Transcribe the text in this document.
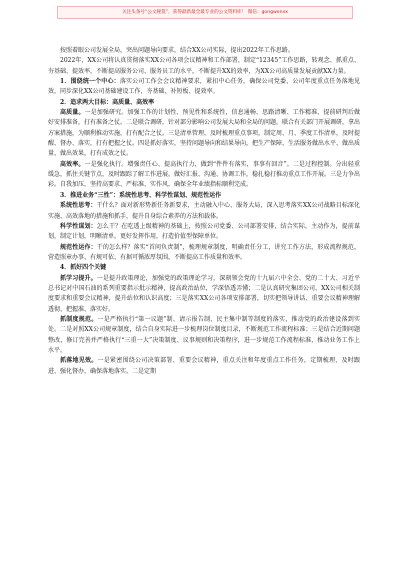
关注头条号“公文秘笈”，获得最新最全最专业的公文资料库！ 微信：gongwenxx

按照着眼公司发展全局，突出问题导向要求，结合XX公司实际，提出2022年工作思路。

2022年，XX公司将认真贯彻落实XX公司各项会议精神和工作部署，制定“12345”工作思路，转观念、抓重点、夯基础、提效率，不断提高服务公司、服务员工的水平，不断提升XX的效率，为XX公司高质量发展贡献XX力量。

1．围绕统一个中心：落实公司工作会会议精神要求，紧扣中心任务，确保公司党委、公司年度重点任务落地见效，同步深化XX公司基础建设工作，夯基础、补短板、提效率。

2．追求两大目标：高质量、高效率

高质量。一是加强研究。加强工作的计划性、预见性和系统性，信息通畅、思路清晰、工作精准，提前研判后做好安排准备，打有准备之仗。二是联合调研，针对部分影响公司发展大局和全局的问题，联合有关部门开展调研，拿出方案措施，为顺利推动实施，打有配合之仗。三是清单管理，及时梳理重点事项，制定周、月、季度工作清单，及时提醒、督办、落实，打有把握之仗。四是抓好落实，坚持问题导向和结果导向，把生产保障、生活服务做出水平、做出质量、做出效果，打有成效之仗。

高效率。一是强化执行。增强责任心、提高执行力，做到“件件有落实，事事有回音”。二是过程控制。分出轻重缓急，抓住关键节点，及时跟踪了解工作进展，做好汇报、沟通、协调工作，稳扎稳打推动重点工作开展。三是力争出彩。自我加压，坚持高要求、严标准、实作风，确保全年业绩指标顺利完成。

3．推进业务“三性”：系统性思考、科学性谋划、规范性运作

系统性思考：干什么？面对新形势新任务新要求，主动融入中心、服务大局，深入思考落实XX公司战略目标深化实施、高效落地的措施和抓手，提升自身综合素养的方法和载体。

科学性谋划：怎么干？在吃透上级精神的基础上，按照公司党委、公司部署安排，结合实际，主动作为，提前谋划，制定计划，明晰清单，更好发挥作用，打造价值型保障单位。

规范性运作：干的怎么样？落实“首问负责制”，梳理规章制度，明确责任分工，讲究工作方法，形成流程规范，营造照章办事、有规可依、有据可循浓厚氛围，不断提高工作质量和效率。

4．抓好四个关键

抓学习提升。一是提升政策理论，加强党的政策理论学习，深刻领会党的十九届六中全会、党的二十大、习近平总书记对中国石油的系列重要指示批示精神，提高政治站位，学深悟透弄懂；二是认真研究集团公司、XX公司相关制度要求和重要会议精神，提升站位和认识高度；三是落实XX公司各项安排部署，切实把领导讲话、重要会议精神理解透彻、把握准、落实好。

抓制度规范。一是严格执行“第一议题”制、请示报告制、民主集中制等制度的落实，推动党的政治建设落到实处。二是对照XX公司规章制度，结合自身实际进一步梳理岗位制度目录，不断规范工作流程标准；三是结合近期问题整改，修订完善并严格执行“三重一大”决策制度、议事规则和决策程序，进一步规范工作流程标准，推动业务工作上水平。

抓落地见效。一是紧密围绕公司决策部署、重要会议精神，重点关注和年度重点工作任务，定期梳理、及时跟进、强化督办，确保落地落实。二是定期
